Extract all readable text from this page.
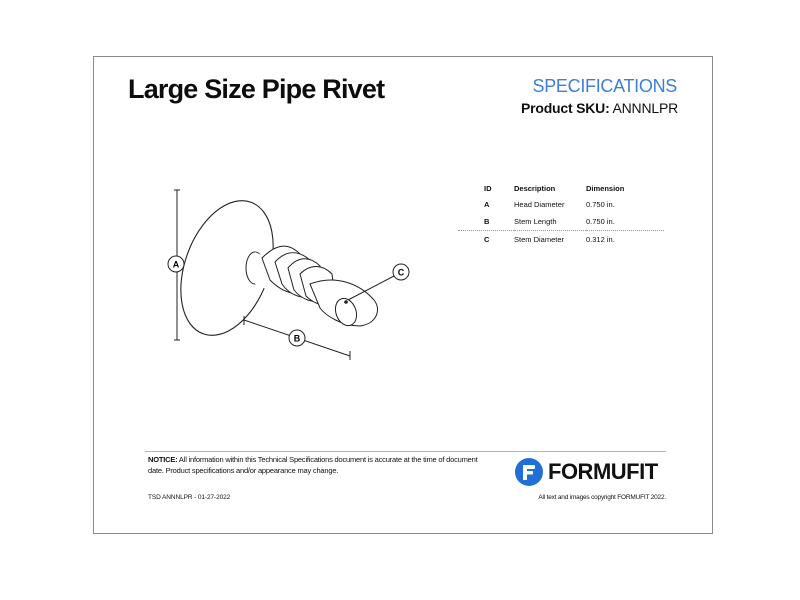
Large Size Pipe Rivet	SPECIFICATIONS
Product SKU: ANNNLPR
A
B
C
ID	Description	Dimension
A	Head Diameter	0.750 in.
B	Stem Length	0.750 in.
C	Stem Diameter	0.312 in.
NOTICE: All information within this Technical Specifications document is accurate at the time of document date. Product specifications and/or appearance may change.	FORMUFIT
TSD ANNNLPR - 01-27-2022	All text and images copyright FORMUFIT 2022.
